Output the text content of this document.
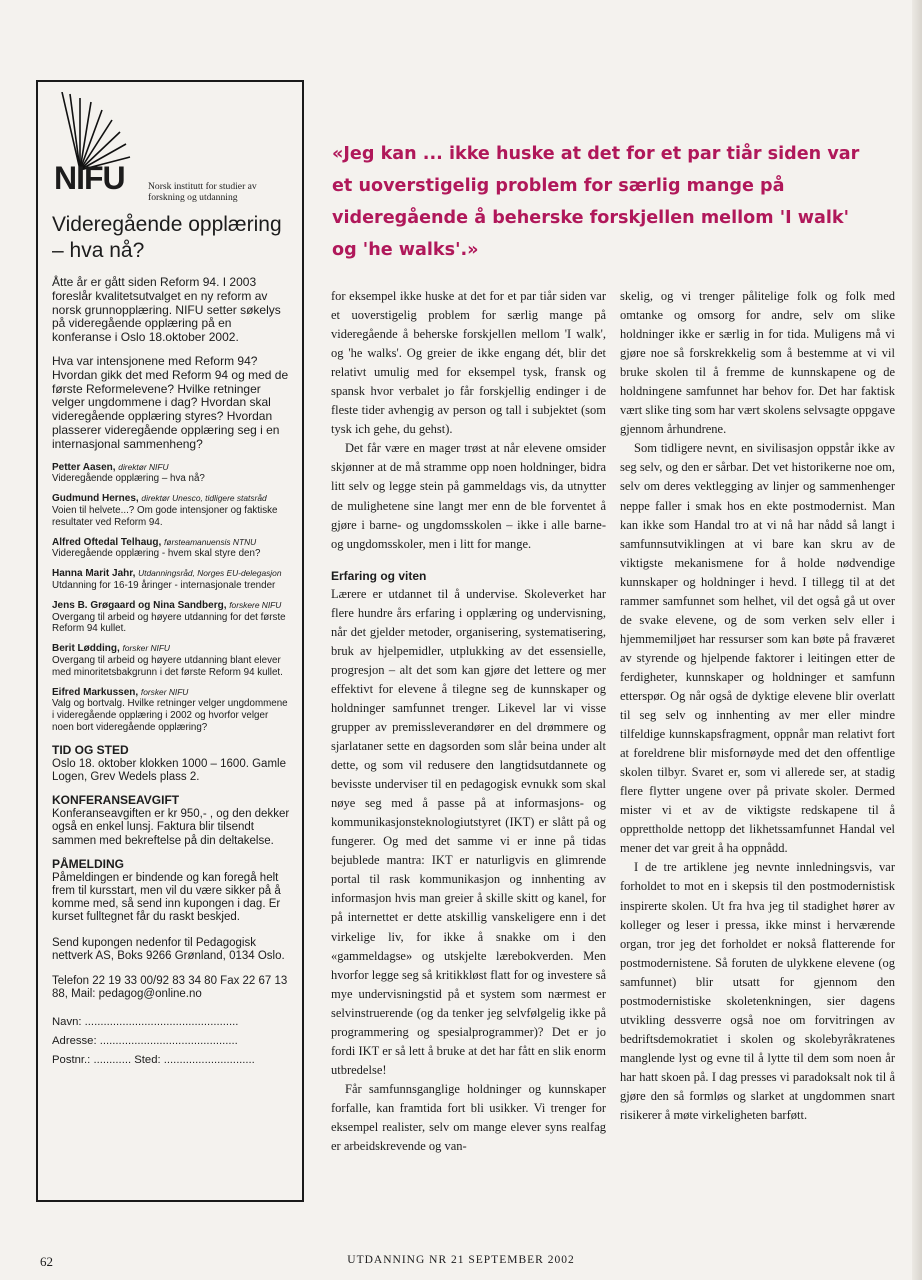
NIFU Norsk institutt for studier av forskning og utdanning
Videregående opplæring – hva nå?

Åtte år er gått siden Reform 94. I 2003 foreslår kvalitetsutvalget en ny reform av norsk grunnopplæring. NIFU setter søkelys på videregående opplæring på en konferanse i Oslo 18.oktober 2002.

Hva var intensjonene med Reform 94? Hvordan gikk det med Reform 94 og med de første Reformelevene? Hvilke retninger velger ungdommene i dag? Hvordan skal videregående opplæring styres? Hvordan plasserer videregående opplæring seg i en internasjonal sammenheng?

Petter Aasen, direktør NIFU
Videregående opplæring – hva nå?
Gudmund Hernes, direktør Unesco, tidligere statsråd
Voien til helvete...? Om gode intensjoner og faktiske resultater ved Reform 94.
Alfred Oftedal Telhaug, førsteamanuensis NTNU
Videregående opplæring - hvem skal styre den?
Hanna Marit Jahr, Utdanningsråd, Norges EU-delegasjon
Utdanning for 16-19 åringer - internasjonale trender
Jens B. Grøgaard og Nina Sandberg, forskere NIFU
Overgang til arbeid og høyere utdanning for det første Reform 94 kullet.
Berit Lødding, forsker NIFU
Overgang til arbeid og høyere utdanning blant elever med minoritetsbakgrunn i det første Reform 94 kullet.
Eifred Markussen, forsker NIFU
Valg og bortvalg. Hvilke retninger velger ungdommene i videregående opplæring i 2002 og hvorfor velger noen bort videregående opplæring?
TID OG STED

Oslo 18. oktober klokken 1000 – 1600. Gamle Logen, Grev Wedels plass 2.

KONFERANSEAVGIFT

Konferanseavgiften er kr 950,- , og den dekker også en enkel lunsj. Faktura blir tilsendt sammen med bekreftelse på din deltakelse.

PÅMELDING

Påmeldingen er bindende og kan foregå helt frem til kursstart, men vil du være sikker på å komme med, så send inn kupongen i dag. Er kurset fulltegnet får du raskt beskjed.

Send kupongen nedenfor til Pedagogisk nettverk AS, Boks 9266 Grønland, 0134 Oslo.

Telefon 22 19 33 00/92 83 34 80 Fax 22 67 13 88, Mail: pedagog@online.no

Navn: .................................................
Adresse: ............................................
Postnr.: ............ Sted: .............................
«Jeg kan ... ikke huske at det for et par tiår siden var et uoverstigelig problem for særlig mange på videregående å beherske forskjellen mellom 'I walk' og 'he walks'.»

for eksempel ikke huske at det for et par tiår siden var et uoverstigelig problem for særlig mange på videregående å beherske forskjellen mellom 'I walk', og 'he walks'. Og greier de ikke engang dét, blir det relativt umulig med for eksempel tysk, fransk og spansk hvor verbalet jo får forskjellig endinger i de fleste tider avhengig av person og tall i subjektet (som tysk ich gehe, du gehst).

Det får være en mager trøst at når elevene omsider skjønner at de må stramme opp noen holdninger, bidra litt selv og legge stein på gammeldags vis, da utnytter de mulighetene sine langt mer enn de ble forventet å gjøre i barne- og ungdomsskolen – ikke i alle barne- og ungdomsskoler, men i litt for mange.

Erfaring og viten

Lærere er utdannet til å undervise. Skoleverket har flere hundre års erfaring i opplæring og undervisning, når det gjelder metoder, organisering, systematisering, bruk av hjelpemidler, utplukking av det essensielle, progresjon – alt det som kan gjøre det lettere og mer effektivt for elevene å tilegne seg de kunnskaper og holdninger samfunnet trenger. Likevel lar vi visse grupper av premissleverandører en del drømmere og sjarlataner sette en dagsorden som slår beina under alt dette, og som vil redusere den langtidsutdannete og bevisste underviser til en pedagogisk evnukk som skal nøye seg med å passe på at informasjons- og kommunikasjonsteknologiutstyret (IKT) er slått på og fungerer. Og med det samme vi er inne på tidas bejublede mantra: IKT er naturligvis en glimrende portal til rask kommunikasjon og innhenting av informasjon hvis man greier å skille skitt og kanel, for på internettet er dette atskillig vanskeligere enn i det virkelige liv, for ikke å snakke om i den «gammeldagse» og utskjelte lærebokverden. Men hvorfor legge seg så kritikkløst flatt for og investere så mye undervisningstid på et system som nærmest er selvinstruerende (og da tenker jeg selvfølgelig ikke på programmering og spesialprogrammer)? Det er jo fordi IKT er så lett å bruke at det har fått en slik enorm utbredelse!

Får samfunnsganglige holdninger og kunnskaper forfalle, kan framtida fort bli usikker. Vi trenger for eksempel realister, selv om mange elever syns realfag er arbeidskrevende og van-

skelig, og vi trenger pålitelige folk og folk med omtanke og omsorg for andre, selv om slike holdninger ikke er særlig in for tida. Muligens må vi gjøre noe så forskrekkelig som å bestemme at vi vil bruke skolen til å fremme de kunnskapene og de holdningene samfunnet har behov for. Det har faktisk vært slike ting som har vært skolens selvsagte oppgave gjennom århundrene.

Som tidligere nevnt, en sivilisasjon oppstår ikke av seg selv, og den er sårbar. Det vet historikerne noe om, selv om deres vektlegging av linjer og sammenhenger neppe faller i smak hos en ekte postmodernist. Man kan ikke som Handal tro at vi nå har nådd så langt i samfunnsutviklingen at vi bare kan skru av de viktigste mekanismene for å holde nødvendige kunnskaper og holdninger i hevd. I tillegg til at det rammer samfunnet som helhet, vil det også gå ut over de svake elevene, og de som verken selv eller i hjemmemiljøet har ressurser som kan bøte på fraværet av styrende og hjelpende faktorer i leitingen etter de ferdigheter, kunnskaper og holdninger et samfunn etterspør. Og når også de dyktige elevene blir overlatt til seg selv og innhenting av mer eller mindre tilfeldige kunnskapsfragment, oppnår man relativt fort at foreldrene blir misfornøyde med det den offentlige skolen tilbyr. Svaret er, som vi allerede ser, at stadig flere flytter ungene over på private skoler. Dermed mister vi et av de viktigste redskapene til å opprettholde nettopp det likhetssamfunnet Handal vel mener det var greit å ha oppnådd.

I de tre artiklene jeg nevnte innledningsvis, var forholdet to mot en i skepsis til den postmodernistisk inspirerte skolen. Ut fra hva jeg til stadighet hører av kolleger og leser i pressa, ikke minst i herværende organ, tror jeg det forholdet er nokså flatterende for postmodernistene. Så foruten de ulykkene elevene (og samfunnet) blir utsatt for gjennom den postmodernistiske skoletenkningen, sier dagens utvikling dessverre også noe om forvitringen av bedriftsdemokratiet i skolen og skolebyråkratenes manglende lyst og evne til å lytte til dem som noen år har hatt skoen på. I dag presses vi paradoksalt nok til å gjøre den så formløs og slarket at ungdommen snart risikerer å møte virkeligheten barføtt.

62	UTDANNING NR 21 SEPTEMBER 2002
